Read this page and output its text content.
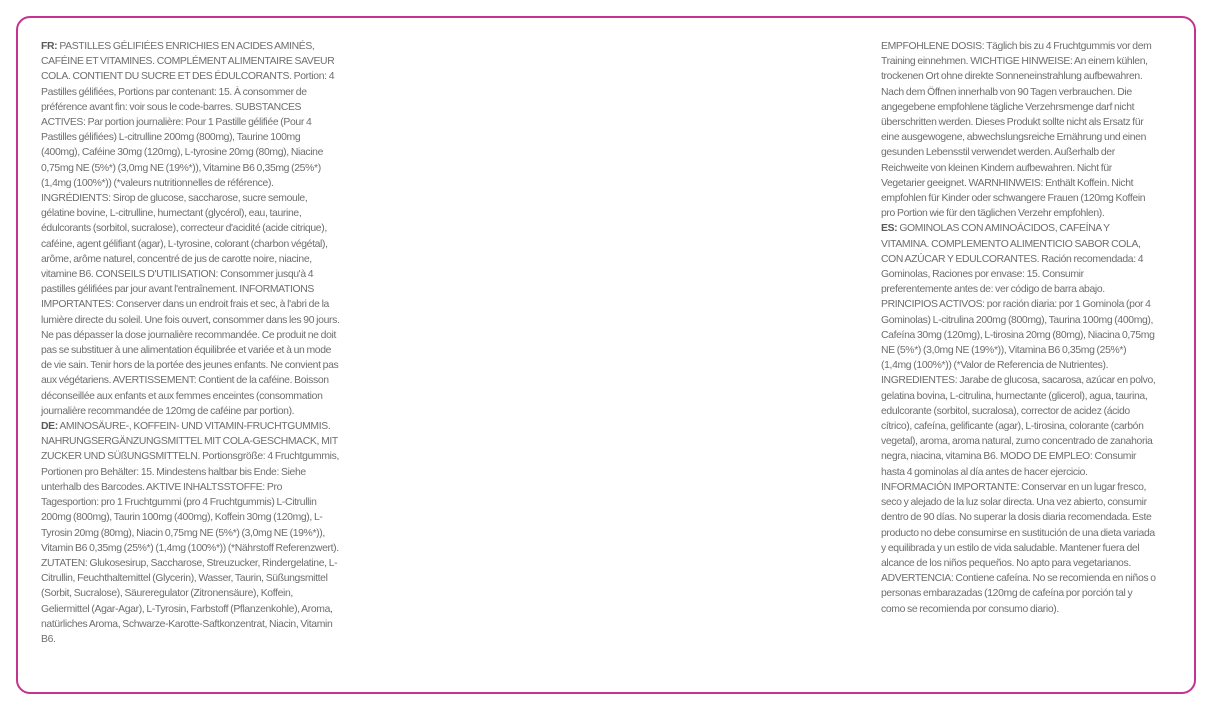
FR: PASTILLES GÉLIFIÉES ENRICHIES EN ACIDES AMINÉS, CAFÉINE ET VITAMINES. COMPLÉMENT ALIMENTAIRE SAVEUR COLA. CONTIENT DU SUCRE ET DES ÉDULCORANTS. Portion: 4 Pastilles gélifiées, Portions par contenant: 15. À consommer de préférence avant fin: voir sous le code-barres. SUBSTANCES ACTIVES: Par portion journalière: Pour 1 Pastille gélifiée (Pour 4 Pastilles gélifiées) L-citrulline 200mg (800mg), Taurine 100mg (400mg), Caféine 30mg (120mg), L-tyrosine 20mg (80mg), Niacine 0,75mg NE (5%*) (3,0mg NE (19%*)), Vitamine B6 0,35mg (25%*) (1,4mg (100%*)) (*valeurs nutritionnelles de référence). INGRÉDIENTS: Sirop de glucose, saccharose, sucre semoule, gélatine bovine, L-citrulline, humectant (glycérol), eau, taurine, édulcorants (sorbitol, sucralose), correcteur d'acidité (acide citrique), caféine, agent gélifiant (agar), L-tyrosine, colorant (charbon végétal), arôme, arôme naturel, concentré de jus de carotte noire, niacine, vitamine B6. CONSEILS D'UTILISATION: Consommer jusqu'à 4 pastilles gélifiées par jour avant l'entraînement. INFORMATIONS IMPORTANTES: Conserver dans un endroit frais et sec, à l'abri de la lumière directe du soleil. Une fois ouvert, consommer dans les 90 jours. Ne pas dépasser la dose journalière recommandée. Ce produit ne doit pas se substituer à une alimentation équilibrée et variée et à un mode de vie sain. Tenir hors de la portée des jeunes enfants. Ne convient pas aux végétariens. AVERTISSEMENT: Contient de la caféine. Boisson déconseillée aux enfants et aux femmes enceintes (consommation journalière recommandée de 120mg de caféine par portion).

DE: AMINOSÄURE-, KOFFEIN- UND VITAMIN-FRUCHTGUMMIS. NAHRUNGSERGÄNZUNGSMITTEL MIT COLA-GESCHMACK, MIT ZUCKER UND SÜßUNGSMITTELN. Portionsgröße: 4 Fruchtgummis, Portionen pro Behälter: 15. Mindestens haltbar bis Ende: Siehe unterhalb des Barcodes. AKTIVE INHALTSSTOFFE: Pro Tagesportion: pro 1 Fruchtgummi (pro 4 Fruchtgummis) L-Citrullin 200mg (800mg), Taurin 100mg (400mg), Koffein 30mg (120mg), L-Tyrosin 20mg (80mg), Niacin 0,75mg NE (5%*) (3,0mg NE (19%*)), Vitamin B6 0,35mg (25%*) (1,4mg (100%*)) (*Nährstoff Referenzwert). ZUTATEN: Glukosesirup, Saccharose, Streuzucker, Rindergelatine, L-Citrullin, Feuchthaltemittel (Glycerin), Wasser, Taurin, Süßungsmittel (Sorbit, Sucralose), Säureregulator (Zitronensäure), Koffein, Geliermittel (Agar-Agar), L-Tyrosin, Farbstoff (Pflanzenkohle), Aroma, natürliches Aroma, Schwarze-Karotte-Saftkonzentrat, Niacin, Vitamin B6.

EMPFOHLENE DOSIS: Täglich bis zu 4 Fruchtgummis vor dem Training einnehmen. WICHTIGE HINWEISE: An einem kühlen, trockenen Ort ohne direkte Sonneneinstrahlung aufbewahren. Nach dem Öffnen innerhalb von 90 Tagen verbrauchen. Die angegebene empfohlene tägliche Verzehrsmenge darf nicht überschritten werden. Dieses Produkt sollte nicht als Ersatz für eine ausgewogene, abwechslungsreiche Ernährung und einen gesunden Lebensstil verwendet werden. Außerhalb der Reichweite von kleinen Kindern aufbewahren. Nicht für Vegetarier geeignet. WARNHINWEIS: Enthält Koffein. Nicht empfohlen für Kinder oder schwangere Frauen (120mg Koffein pro Portion wie für den täglichen Verzehr empfohlen).

ES: GOMINOLAS CON AMINOÁCIDOS, CAFEÍNA Y VITAMINA. COMPLEMENTO ALIMENTICIO SABOR COLA, CON AZÚCAR Y EDULCORANTES. Ración recomendada: 4 Gominolas, Raciones por envase: 15. Consumir preferentemente antes de: ver código de barra abajo. PRINCIPIOS ACTIVOS: por ración diaria: por 1 Gominola (por 4 Gominolas) L-citrulina 200mg (800mg), Taurina 100mg (400mg), Cafeína 30mg (120mg), L-tirosina 20mg (80mg), Niacina 0,75mg NE (5%*) (3,0mg NE (19%*)), Vitamina B6 0,35mg (25%*) (1,4mg (100%*)) (*Valor de Referencia de Nutrientes). INGREDIENTES: Jarabe de glucosa, sacarosa, azúcar en polvo, gelatina bovina, L-citrulina, humectante (glicerol), agua, taurina, edulcorante (sorbitol, sucralosa), corrector de acidez (ácido cítrico), cafeína, gelificante (agar), L-tirosina, colorante (carbón vegetal), aroma, aroma natural, zumo concentrado de zanahoria negra, niacina, vitamina B6. MODO DE EMPLEO: Consumir hasta 4 gominolas al día antes de hacer ejercicio. INFORMACIÓN IMPORTANTE: Conservar en un lugar fresco, seco y alejado de la luz solar directa. Una vez abierto, consumir dentro de 90 días. No superar la dosis diaria recomendada. Este producto no debe consumirse en sustitución de una dieta variada y equilibrada y un estilo de vida saludable. Mantener fuera del alcance de los niños pequeños. No apto para vegetarianos. ADVERTENCIA: Contiene cafeína. No se recomienda en niños o personas embarazadas (120mg de cafeína por porción tal y como se recomienda por consumo diario).
